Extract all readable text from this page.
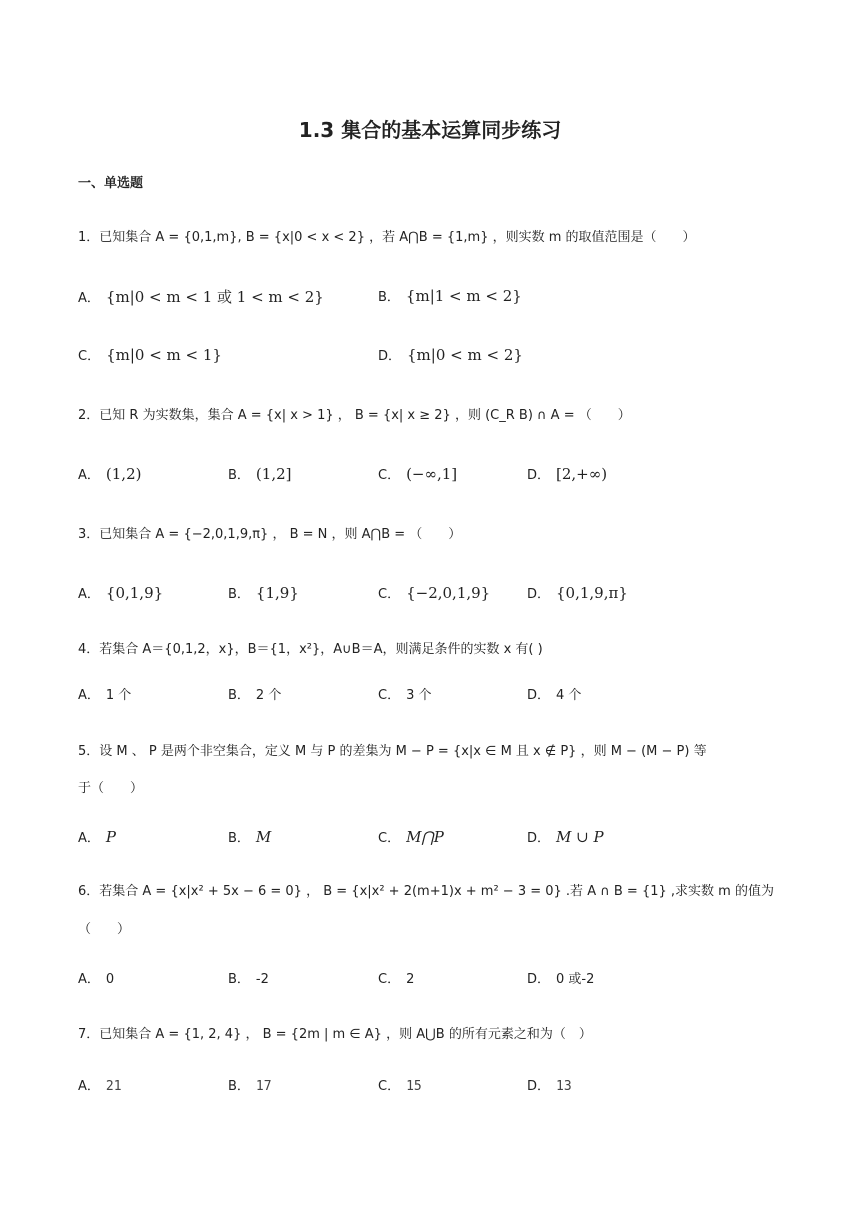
1.3 集合的基本运算同步练习
一、单选题
1．已知集合 A = {0,1,m}, B = {x|0 < x < 2} ，若 A⋂B = {1,m} ，则实数 m 的取值范围是（　　）
A． {m|0 < m < 1 或 1 < m < 2}	B． {m|1 < m < 2}
C． {m|0 < m < 1}	D． {m|0 < m < 2}
2．已知 R 为实数集，集合 A = {x| x > 1} ， B = {x| x ≥ 2} ，则 (C_R B) ∩ A = （　　）
A． (1,2)	B． (1,2]	C． (−∞,1]	D． [2,+∞)
3．已知集合 A = {−2,0,1,9,π} ， B = N ，则 A⋂B = （　　）
A． {0,1,9}	B． {1,9}	C． {−2,0,1,9}	D． {0,1,9,π}
4．若集合 A＝{0,1,2，x}，B＝{1，x²}，A∪B＝A，则满足条件的实数 x 有( )
A． 1 个	B． 2 个	C． 3 个	D． 4 个
5．设 M 、 P 是两个非空集合，定义 M 与 P 的差集为 M − P = {x|x ∈ M 且 x ∉ P} ，则 M − (M − P) 等
于（　　）
A． P	B． M	C． M⋂P	D． M ∪ P
6．若集合 A = {x|x² + 5x − 6 = 0} ， B = {x|x² + 2(m+1)x + m² − 3 = 0} .若 A ∩ B = {1} ,求实数 m 的值为
（　　）
A． 0	B． -2	C． 2	D． 0 或-2
7．已知集合 A = {1, 2, 4} ， B = {2m | m ∈ A} ，则 A⋃B 的所有元素之和为（　）
A． 21	B． 17	C． 15	D． 13
